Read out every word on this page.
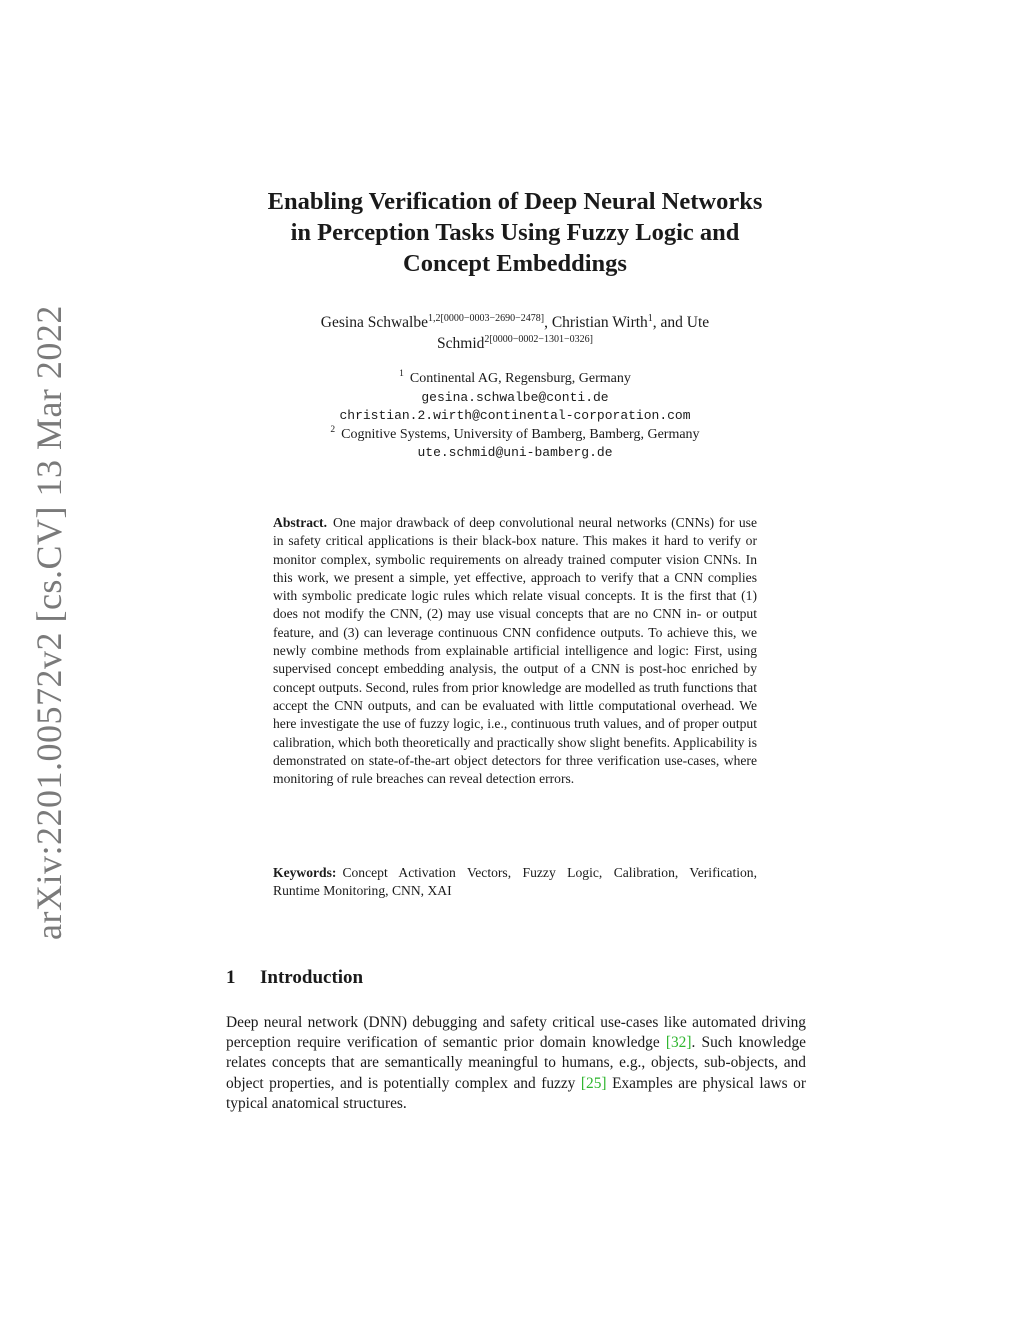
arXiv:2201.00572v2 [cs.CV] 13 Mar 2022
Enabling Verification of Deep Neural Networks
in Perception Tasks Using Fuzzy Logic and
Concept Embeddings
Gesina Schwalbe$^{1,2[0000-0003-2690-2478]}$, Christian Wirth$^1$, and Ute
Schmid$^{2[0000-0002-1301-0326]}$
$^1$ Continental AG, Regensburg, Germany
gesina.schwalbe@conti.de
christian.2.wirth@continental-corporation.com
$^2$ Cognitive Systems, University of Bamberg, Bamberg, Germany
ute.schmid@uni-bamberg.de
Abstract. One major drawback of deep convolutional neural networks (CNNs) for use in safety critical applications is their black-box nature. This makes it hard to verify or monitor complex, symbolic requirements on already trained computer vision CNNs. In this work, we present a simple, yet effective, approach to verify that a CNN complies with symbolic predicate logic rules which relate visual concepts. It is the first that (1) does not modify the CNN, (2) may use visual concepts that are no CNN in- or output feature, and (3) can leverage continuous CNN confidence outputs. To achieve this, we newly combine methods from explainable artificial intelligence and logic: First, using supervised concept embedding analysis, the output of a CNN is post-hoc enriched by concept outputs. Second, rules from prior knowledge are modelled as truth functions that accept the CNN outputs, and can be evaluated with little computational overhead. We here investigate the use of fuzzy logic, i.e., continuous truth values, and of proper output calibration, which both theoretically and practically show slight benefits. Applicability is demonstrated on state-of-the-art object detectors for three verification use-cases, where monitoring of rule breaches can reveal detection errors.
Keywords: Concept Activation Vectors, Fuzzy Logic, Calibration, Verification, Runtime Monitoring, CNN, XAI
1 Introduction
Deep neural network (DNN) debugging and safety critical use-cases like automated driving perception require verification of semantic prior domain knowledge [32]. Such knowledge relates concepts that are semantically meaningful to humans, e.g., objects, sub-objects, and object properties, and is potentially complex and fuzzy [25] Examples are physical laws or typical anatomical structures.
